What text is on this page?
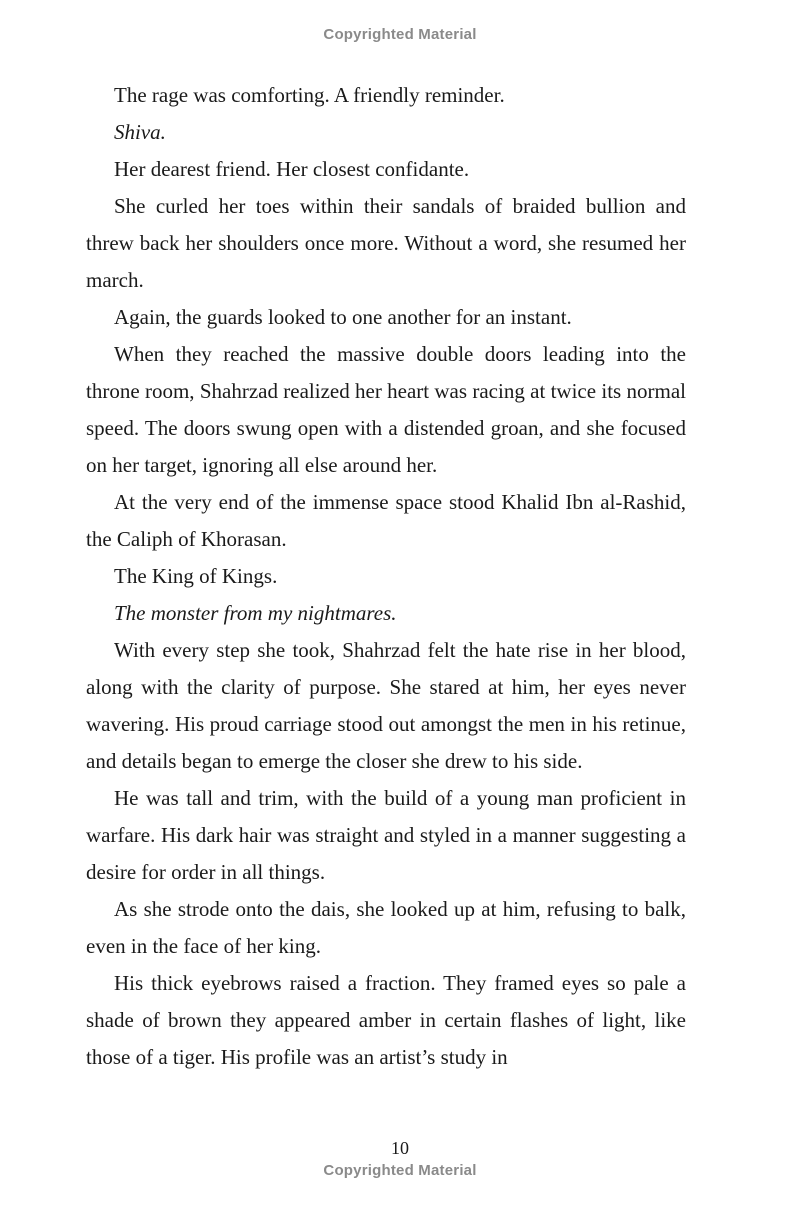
Copyrighted Material

The rage was comforting. A friendly reminder.

Shiva.

Her dearest friend. Her closest confidante.

She curled her toes within their sandals of braided bullion and threw back her shoulders once more. Without a word, she resumed her march.

Again, the guards looked to one another for an instant.

When they reached the massive double doors leading into the throne room, Shahrzad realized her heart was racing at twice its normal speed. The doors swung open with a distended groan, and she focused on her target, ignoring all else around her.

At the very end of the immense space stood Khalid Ibn al-Rashid, the Caliph of Khorasan.

The King of Kings.

The monster from my nightmares.

With every step she took, Shahrzad felt the hate rise in her blood, along with the clarity of purpose. She stared at him, her eyes never wavering. His proud carriage stood out amongst the men in his retinue, and details began to emerge the closer she drew to his side.

He was tall and trim, with the build of a young man proficient in warfare. His dark hair was straight and styled in a manner suggesting a desire for order in all things.

As she strode onto the dais, she looked up at him, refusing to balk, even in the face of her king.

His thick eyebrows raised a fraction. They framed eyes so pale a shade of brown they appeared amber in certain flashes of light, like those of a tiger. His profile was an artist’s study in

10
Copyrighted Material
